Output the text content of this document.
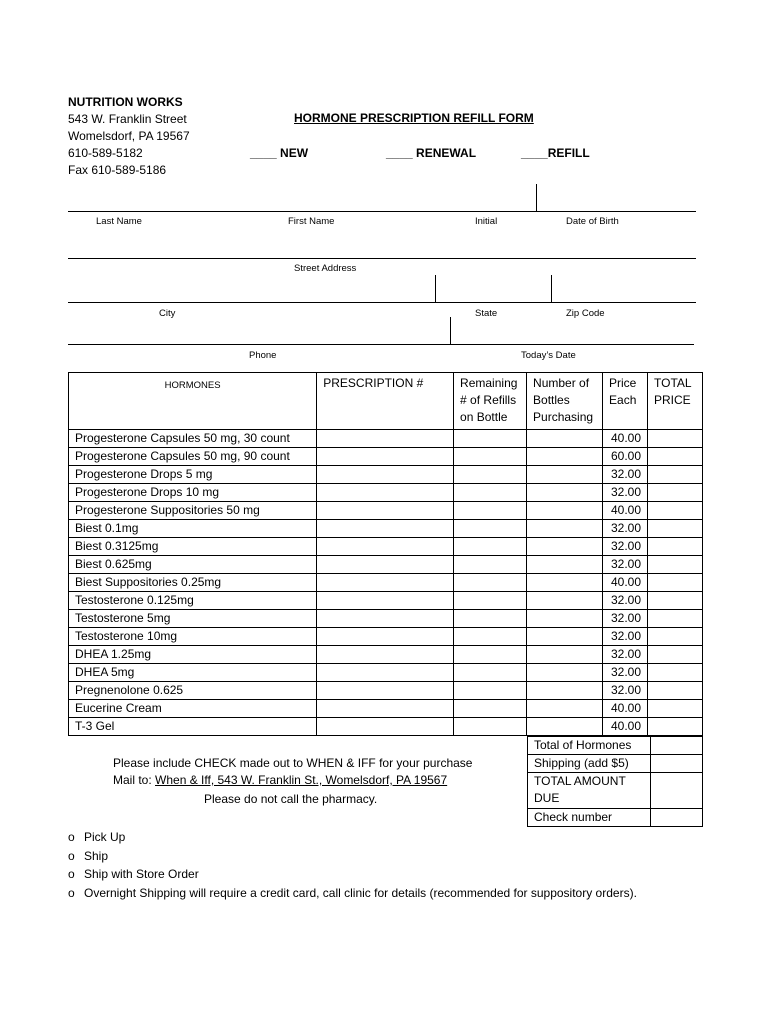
NUTRITION WORKS
543 W. Franklin Street
Womelsdorf, PA 19567
610-589-5182
Fax 610-589-5186
HORMONE PRESCRIPTION REFILL FORM
____ NEW	____ RENEWAL	____REFILL
Last Name	First Name	Initial	Date of Birth
Street Address
City	State	Zip Code
Phone	Today’s Date
HORMONES	PRESCRIPTION #	Remaining # of Refills on Bottle	Number of Bottles Purchasing	Price Each	TOTAL PRICE
Progesterone Capsules 50 mg, 30 count				40.00	
Progesterone Capsules 50 mg, 90 count				60.00	
Progesterone Drops 5 mg				32.00	
Progesterone Drops 10 mg				32.00	
Progesterone Suppositories 50 mg				40.00	
Biest 0.1mg				32.00	
Biest 0.3125mg				32.00	
Biest 0.625mg				32.00	
Biest Suppositories 0.25mg				40.00	
Testosterone 0.125mg				32.00	
Testosterone 5mg				32.00	
Testosterone 10mg				32.00	
DHEA 1.25mg				32.00	
DHEA 5mg				32.00	
Pregnenolone 0.625				32.00	
Eucerine Cream				40.00	
T-3 Gel				40.00	
Total of Hormones	
Shipping (add $5)	

TOTAL AMOUNT
DUE	

Check number	
Please include CHECK made out to WHEN & IFF for your purchase
Mail to: When & Iff, 543 W. Franklin St., Womelsdorf, PA 19567
Please do not call the pharmacy.
o Pick Up
o Ship
o Ship with Store Order
o Overnight Shipping will require a credit card, call clinic for details (recommended for suppository orders).
